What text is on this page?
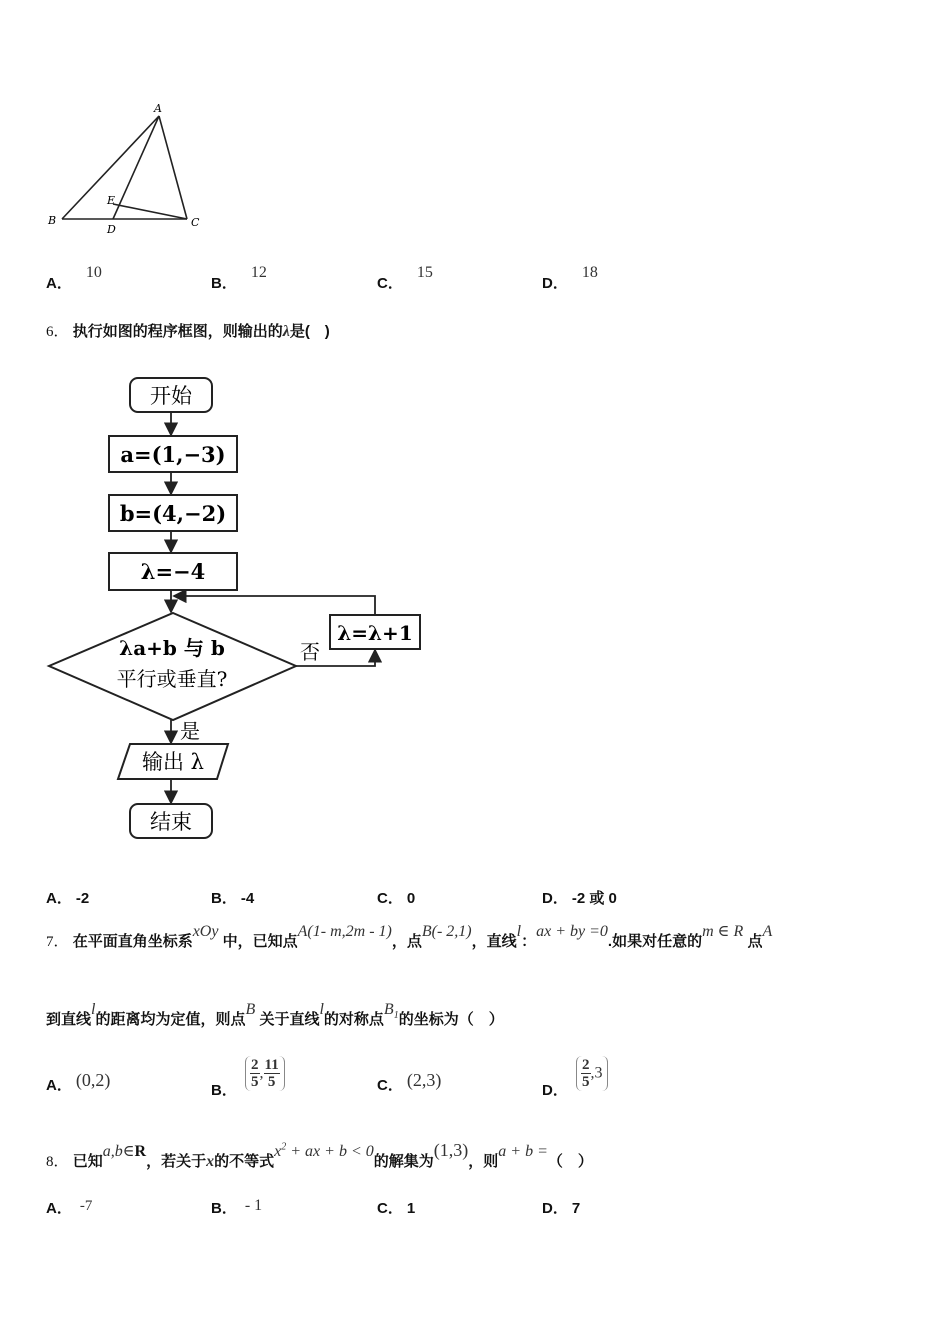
A
B	C
D
E
A．10
B．12
C．15
D．18
6． 执行如图的程序框图，则输出的λ是(　)
开始
a=(1,−3)
b=(4,−2)
λ=−4
λa+b 与 b
平行或垂直?
否
是
λ=λ+1
输出 λ
结束
A． -2	B． -4	C． 0	D． -2 或 0
7． 在平面直角坐标系xOy 中，已知点A(1- m,2m - 1)，点B(- 2,1)，直线l：ax + by =0.如果对任意的m ∈ R 点A
到直线l的距离均为定值，则点B 关于直线l的对称点$B_1$的坐标为（　）
A． (0,2)
B．
$\frac{2}{5}$ , $\frac{11}{5}$	C． (2,3)
D．
$\frac{2}{5} ,3$
8． 已知a,b∈R，若关于x的不等式$x^2$ + ax + b < 0的解集为(1,3)，则a + b =（　）
A． -7	B． - 1	C． 1	D． 7
